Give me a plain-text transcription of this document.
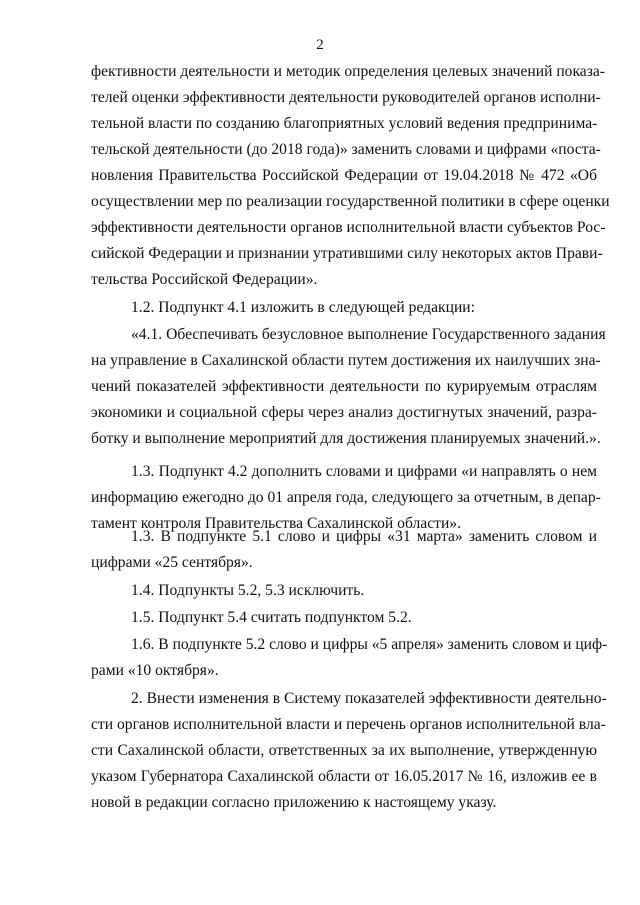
2
фективности деятельности и методик определения целевых значений показа-
телей оценки эффективности деятельности руководителей органов исполни-
тельной власти по созданию благоприятных условий ведения предпринима-
тельской деятельности (до 2018 года)» заменить словами и цифрами «поста-
новления Правительства Российской Федерации от 19.04.2018 № 472 «Об
осуществлении мер по реализации государственной политики в сфере оценки
эффективности деятельности органов исполнительной власти субъектов Рос-
сийской Федерации и признании утратившими силу некоторых актов Прави-
тельства Российской Федерации».
1.2. Подпункт 4.1 изложить в следующей редакции:
«4.1. Обеспечивать безусловное выполнение Государственного задания
на управление в Сахалинской области путем достижения их наилучших зна-
чений показателей эффективности деятельности по курируемым отраслям
экономики и социальной сферы через анализ достигнутых значений, разра-
ботку и выполнение мероприятий для достижения планируемых значений.».
1.3. Подпункт 4.2 дополнить словами и цифрами «и направлять о нем
информацию ежегодно до 01 апреля года, следующего за отчетным, в депар-
тамент контроля Правительства Сахалинской области».
1.3. В подпункте 5.1 слово и цифры «31 марта» заменить словом и
цифрами «25 сентября».
1.4. Подпункты 5.2, 5.3 исключить.
1.5. Подпункт 5.4 считать подпунктом 5.2.
1.6. В подпункте 5.2 слово и цифры «5 апреля» заменить словом и циф-
рами «10 октября».
2. Внести изменения в Систему показателей эффективности деятельно-
сти органов исполнительной власти и перечень органов исполнительной вла-
сти Сахалинской области, ответственных за их выполнение, утвержденную
указом Губернатора Сахалинской области от 16.05.2017 № 16, изложив ее в
новой в редакции согласно приложению к настоящему указу.
